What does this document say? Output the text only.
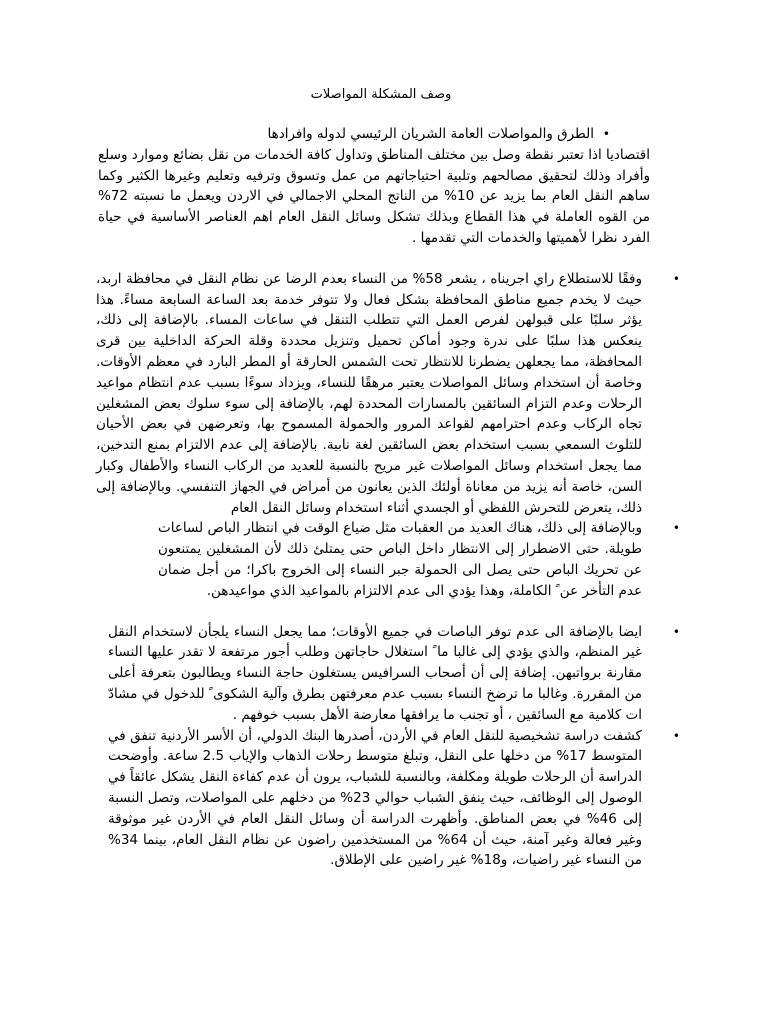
وصف المشكلة المواصلات

•
الطرق والمواصلات العامة الشريان الرئيسي لدوله وافرادها

اقتصاديا اذا تعتبر نقطة وصل بين مختلف المناطق وتداول كافة الخدمات من نقل بضائع وموارد وسلع وأفراد وذلك لتحقيق مصالحهم وتلبية احتياجاتهم من عمل وتسوق وترفيه وتعليم وغيرها الكثير وكما ساهم النقل العام بما يزيد عن 10% من الناتج المحلي الاجمالي في الاردن ويعمل ما نسبته 72% من القوه العاملة في هذا القطاع وبذلك تشكل وسائل النقل العام اهم العناصر الأساسية في حياة الفرد نظرا لأهميتها والخدمات التي تقدمها .

•
وفقًا للاستطلاع راي اجريناه ، يشعر 58% من النساء بعدم الرضا عن نظام النقل في محافظة اربد، حيث لا يخدم جميع مناطق المحافظة بشكل فعال ولا تتوفر خدمة بعد الساعة السابعة مساءً. هذا يؤثر سلبًا على قبولهن لفرص العمل التي تتطلب التنقل في ساعات المساء. بالإضافة إلى ذلك، ينعكس هذا سلبًا على ندرة وجود أماكن تحميل وتنزيل محددة وقلة الحركة الداخلية بين قرى المحافظة، مما يجعلهن يضطرنا للانتظار تحت الشمس الحارقة أو المطر البارد في معظم الأوقات. وخاصة أن استخدام وسائل المواصلات يعتبر مرهقًا للنساء، ويزداد سوءًا بسبب عدم انتظام مواعيد الرحلات وعدم التزام السائقين بالمسارات المحددة لهم، بالإضافة إلى سوء سلوك بعض المشغلين تجاه الركاب وعدم احترامهم لقواعد المرور والحمولة المسموح بها، وتعرضهن في بعض الأحيان للتلوث السمعي بسبب استخدام بعض السائقين لغة نابية. بالإضافة إلى عدم الالتزام بمنع التدخين، مما يجعل استخدام وسائل المواصلات غير مريح بالنسبة للعديد من الركاب النساء والأطفال وكبار السن، خاصة أنه يزيد من معاناة أولئك الذين يعانون من أمراض في الجهاز التنفسي. وبالإضافة إلى ذلك، يتعرض للتحرش اللفظي أو الجسدي أثناء استخدام وسائل النقل العام

•
وبالإضافة إلى ذلك، هناك العديد من العقبات مثل ضياع الوقت في انتظار الباص لساعات طويلة. حتى الاضطرار إلى الانتظار داخل الباص حتى يمتلئ ذلك لأن المشغلين يمتنعون عن تحريك الباص حتى يصل الى الحمولة جبر النساء إلى الخروج باكرا؛ من أجل ضمان عدم التأخر عن ً الكاملة، وهذا يؤدي الى عدم الالتزام بالمواعيد الذي مواعيدهن.

•
ايضا بالإضافة الى عدم توفر الباصات في جميع الأوقات؛ مما يجعل النساء يلجأن لاستخدام النقل غير المنظم، والذي يؤدي إلى غالبا ما ً استغلال حاجاتهن وطلب أجور مرتفعة لا تقدر عليها النساء مقارنة برواتبهن. إضافة إلى أن أصحاب السرافيس يستغلون حاجة النساء ويطالبون بتعرفة أعلى من المقررة. وغالبا ما ترضخ النساء بسبب عدم معرفتهن بطرق وآلية الشكوى ً للدخول في مشادّ ات كلامية مع السائقين ، أو تجنب ما يرافقها معارضة الأهل بسبب خوفهم .

•
كشفت دراسة تشخيصية للنقل العام في الأردن، أصدرها البنك الدولي، أن الأسر الأردنية تنفق في المتوسط 17% من دخلها على النقل، وتبلغ متوسط رحلات الذهاب والإياب 2.5 ساعة. وأوضحت الدراسة أن الرحلات طويلة ومكلفة، وبالنسبة للشباب، يرون أن عدم كفاءة النقل يشكل عائقاً في الوصول إلى الوظائف، حيث ينفق الشباب حوالي 23% من دخلهم على المواصلات، وتصل النسبة إلى 46% في بعض المناطق. وأظهرت الدراسة أن وسائل النقل العام في الأردن غير موثوقة وغير فعالة وغير آمنة، حيث أن 64% من المستخدمين راضون عن نظام النقل العام، بينما 34% من النساء غير راضيات، و18% غير راضين على الإطلاق.
